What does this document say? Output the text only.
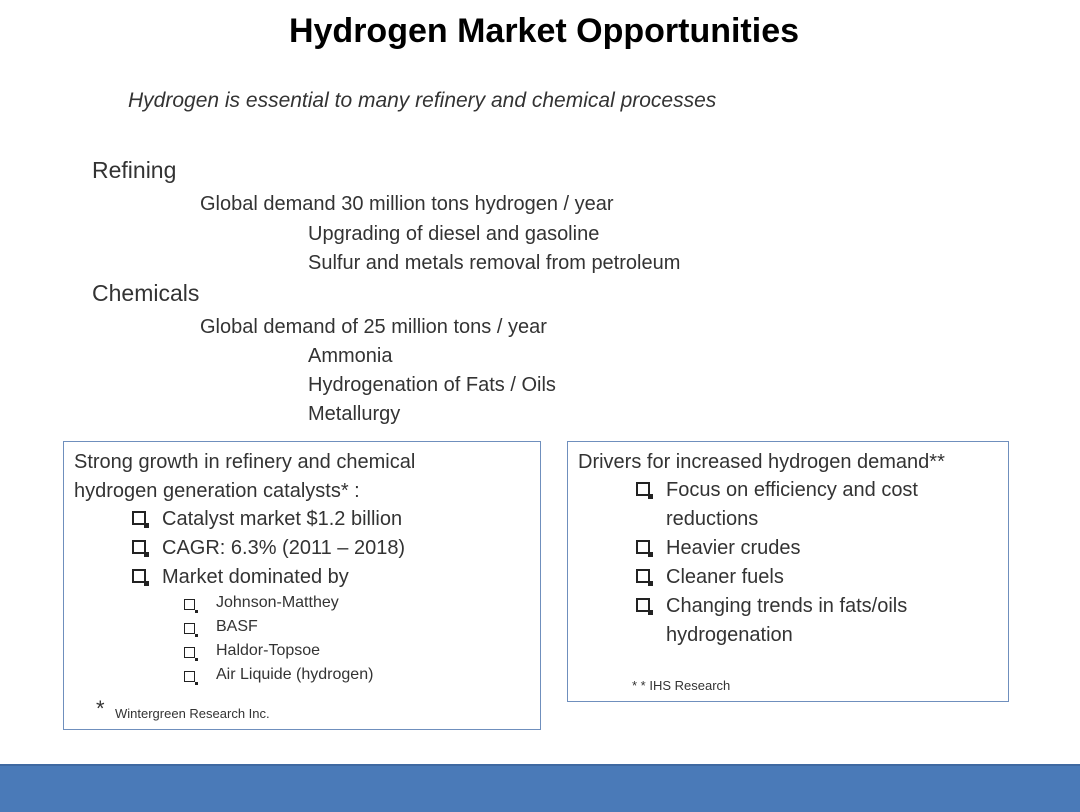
Hydrogen Market Opportunities
Hydrogen is essential to many refinery and chemical processes
Refining
Global demand 30 million tons hydrogen / year
Upgrading of diesel and gasoline
Sulfur and metals removal from petroleum
Chemicals
Global demand of 25 million tons / year
Ammonia
Hydrogenation of Fats / Oils
Metallurgy
Strong growth in refinery and chemical
hydrogen generation catalysts* :
Catalyst market $1.2 billion
CAGR: 6.3% (2011 – 2018)
Market dominated by
Johnson-Matthey
BASF
Haldor-Topsoe
Air Liquide (hydrogen)
* Wintergreen Research Inc.
Drivers for increased hydrogen demand**
Focus on efficiency and cost
reductions
Heavier crudes
Cleaner fuels
Changing trends in fats/oils
hydrogenation
* * IHS Research
